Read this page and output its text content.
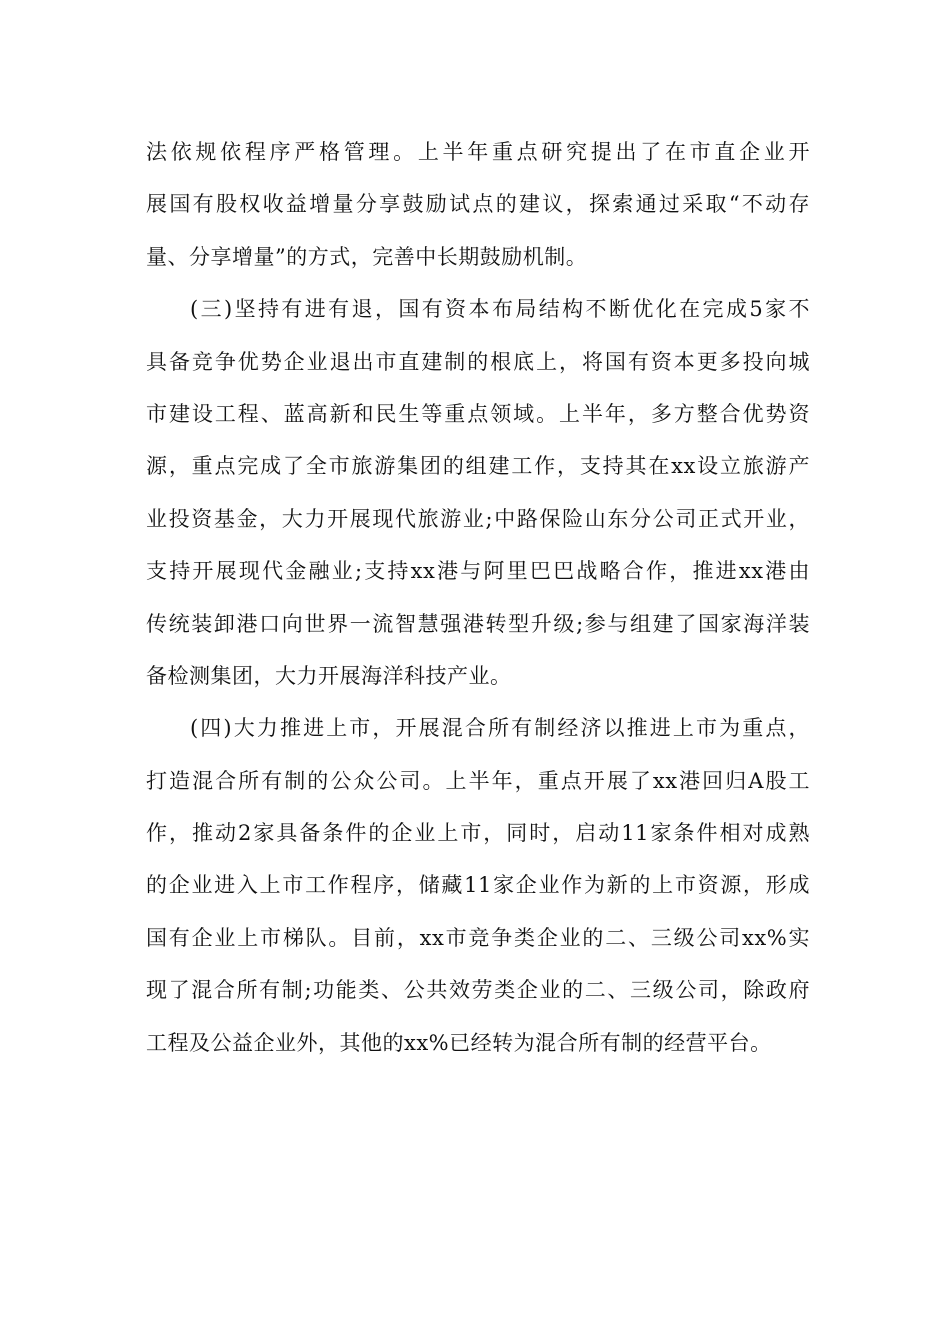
法依规依程序严格管理。上半年重点研究提出了在市直企业开
展国有股权收益增量分享鼓励试点的建议，探索通过采取“不动存
量、分享增量”的方式，完善中长期鼓励机制。
(三)坚持有进有退，国有资本布局结构不断优化在完成5家不
具备竞争优势企业退出市直建制的根底上，将国有资本更多投向城
市建设工程、蓝高新和民生等重点领域。上半年，多方整合优势资
源，重点完成了全市旅游集团的组建工作，支持其在xx设立旅游产
业投资基金，大力开展现代旅游业;中路保险山东分公司正式开业，
支持开展现代金融业;支持xx港与阿里巴巴战略合作，推进xx港由
传统装卸港口向世界一流智慧强港转型升级;参与组建了国家海洋装
备检测集团，大力开展海洋科技产业。
(四)大力推进上市，开展混合所有制经济以推进上市为重点，
打造混合所有制的公众公司。上半年，重点开展了xx港回归A股工
作，推动2家具备条件的企业上市，同时，启动11家条件相对成熟
的企业进入上市工作程序，储藏11家企业作为新的上市资源，形成
国有企业上市梯队。目前，xx市竞争类企业的二、三级公司xx%实
现了混合所有制;功能类、公共效劳类企业的二、三级公司，除政府
工程及公益企业外，其他的xx%已经转为混合所有制的经营平台。
